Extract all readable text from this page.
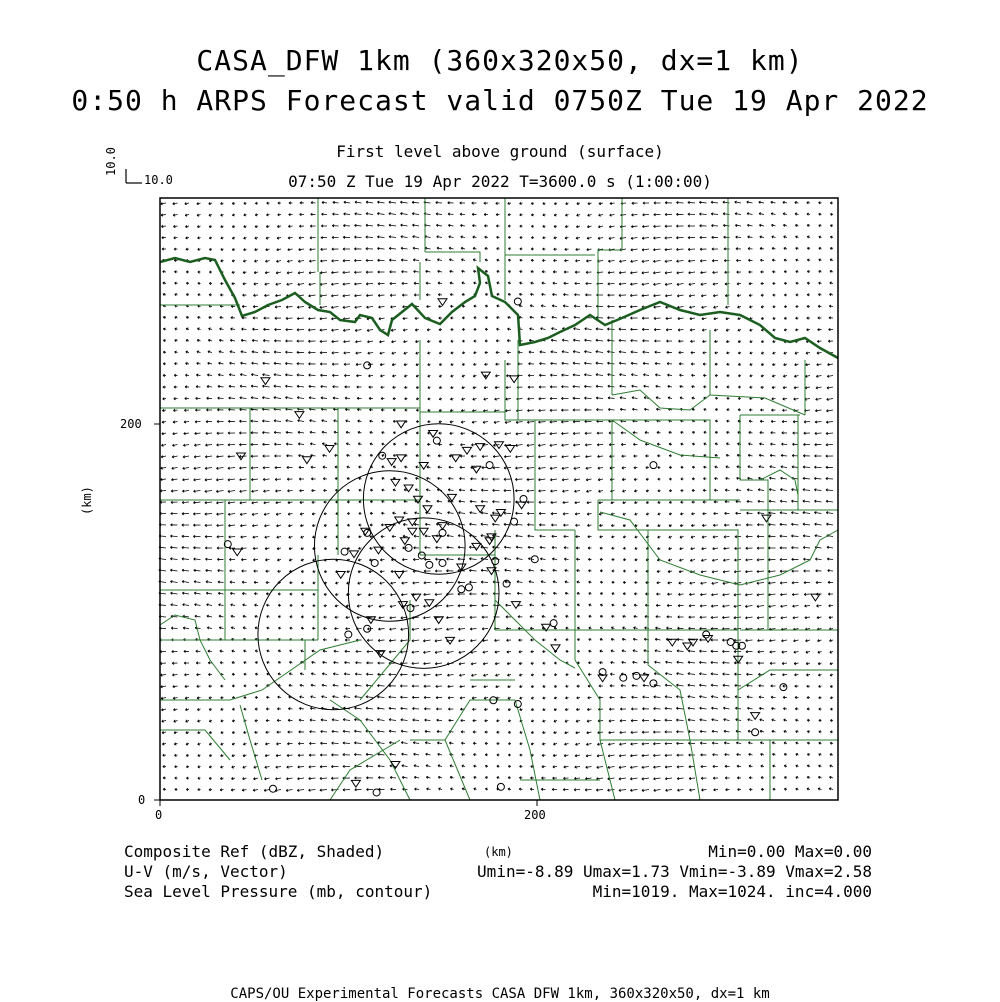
CASA_DFW 1km (360x320x50, dx=1 km)
0:50 h ARPS Forecast valid 0750Z Tue 19 Apr 2022
First level above ground (surface)
07:50 Z Tue 19 Apr 2022 T=3600.0 s (1:00:00)
10.0
10.0
0
200
0	200
(km)
(km)
Composite Ref (dBZ, Shaded)	Min=0.00 Max=0.00
U-V (m/s, Vector)	Umin=-8.89 Umax=1.73 Vmin=-3.89 Vmax=2.58
Sea Level Pressure (mb, contour)	Min=1019. Max=1024. inc=4.000
CAPS/OU Experimental Forecasts CASA DFW 1km, 360x320x50, dx=1 km
